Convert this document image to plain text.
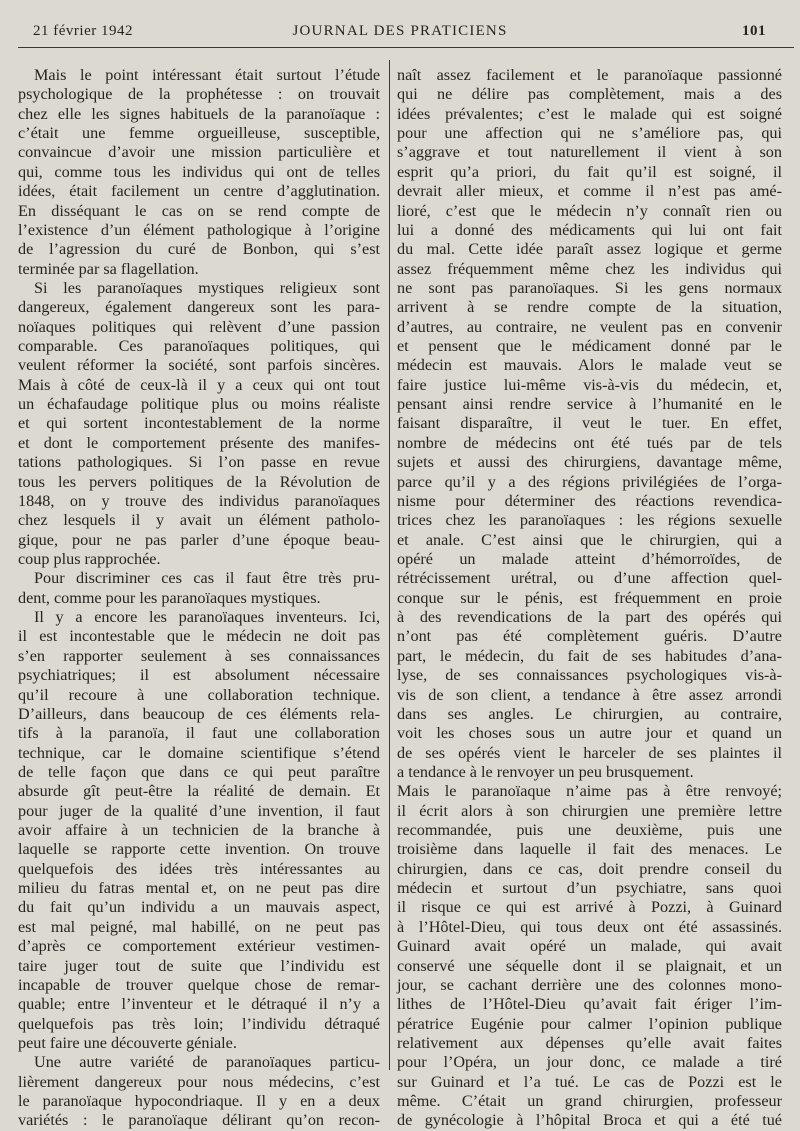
21 février 1942	JOURNAL DES PRATICIENS	101
Mais le point intéressant était surtout l’étude
psychologique de la prophétesse : on trouvait
chez elle les signes habituels de la paranoïaque :
c’était une femme orgueilleuse, susceptible,
convaincue d’avoir une mission particulière et
qui, comme tous les individus qui ont de telles
idées, était facilement un centre d’agglutination.
En disséquant le cas on se rend compte de
l’existence d’un élément pathologique à l’origine
de l’agression du curé de Bonbon, qui s’est
terminée par sa flagellation.
Si les paranoïaques mystiques religieux sont
dangereux, également dangereux sont les para-
noïaques politiques qui relèvent d’une passion
comparable. Ces paranoïaques politiques, qui
veulent réformer la société, sont parfois sincères.
Mais à côté de ceux-là il y a ceux qui ont tout
un échafaudage politique plus ou moins réaliste
et qui sortent incontestablement de la norme
et dont le comportement présente des manifes-
tations pathologiques. Si l’on passe en revue
tous les pervers politiques de la Révolution de
1848, on y trouve des individus paranoïaques
chez lesquels il y avait un élément patholo-
gique, pour ne pas parler d’une époque beau-
coup plus rapprochée.
Pour discriminer ces cas il faut être très pru-
dent, comme pour les paranoïaques mystiques.
Il y a encore les paranoïaques inventeurs. Ici,
il est incontestable que le médecin ne doit pas
s’en rapporter seulement à ses connaissances
psychiatriques; il est absolument nécessaire
qu’il recoure à une collaboration technique.
D’ailleurs, dans beaucoup de ces éléments rela-
tifs à la paranoïa, il faut une collaboration
technique, car le domaine scientifique s’étend
de telle façon que dans ce qui peut paraître
absurde gît peut-être la réalité de demain. Et
pour juger de la qualité d’une invention, il faut
avoir affaire à un technicien de la branche à
laquelle se rapporte cette invention. On trouve
quelquefois des idées très intéressantes au
milieu du fatras mental et, on ne peut pas dire
du fait qu’un individu a un mauvais aspect,
est mal peigné, mal habillé, on ne peut pas
d’après ce comportement extérieur vestimen-
taire juger tout de suite que l’individu est
incapable de trouver quelque chose de remar-
quable; entre l’inventeur et le détraqué il n’y a
quelquefois pas très loin; l’individu détraqué
peut faire une découverte géniale.
Une autre variété de paranoïaques particu-
lièrement dangereux pour nous médecins, c’est
le paranoïaque hypocondriaque. Il y en a deux
variétés : le paranoïaque délirant qu’on recon-
naît assez facilement et le paranoïaque passionné
qui ne délire pas complètement, mais a des
idées prévalentes; c’est le malade qui est soigné
pour une affection qui ne s’améliore pas, qui
s’aggrave et tout naturellement il vient à son
esprit qu’a priori, du fait qu’il est soigné, il
devrait aller mieux, et comme il n’est pas amé-
lioré, c’est que le médecin n’y connaît rien ou
lui a donné des médicaments qui lui ont fait
du mal. Cette idée paraît assez logique et germe
assez fréquemment même chez les individus qui
ne sont pas paranoïaques. Si les gens normaux
arrivent à se rendre compte de la situation,
d’autres, au contraire, ne veulent pas en convenir
et pensent que le médicament donné par le
médecin est mauvais. Alors le malade veut se
faire justice lui-même vis-à-vis du médecin, et,
pensant ainsi rendre service à l’humanité en le
faisant disparaître, il veut le tuer. En effet,
nombre de médecins ont été tués par de tels
sujets et aussi des chirurgiens, davantage même,
parce qu’il y a des régions privilégiées de l’orga-
nisme pour déterminer des réactions revendica-
trices chez les paranoïaques : les régions sexuelle
et anale. C’est ainsi que le chirurgien, qui a
opéré un malade atteint d’hémorroïdes, de
rétrécissement urétral, ou d’une affection quel-
conque sur le pénis, est fréquemment en proie
à des revendications de la part des opérés qui
n’ont pas été complètement guéris. D’autre
part, le médecin, du fait de ses habitudes d’ana-
lyse, de ses connaissances psychologiques vis-à-
vis de son client, a tendance à être assez arrondi
dans ses angles. Le chirurgien, au contraire,
voit les choses sous un autre jour et quand un
de ses opérés vient le harceler de ses plaintes il
a tendance à le renvoyer un peu brusquement.
Mais le paranoïaque n’aime pas à être renvoyé;
il écrit alors à son chirurgien une première lettre
recommandée, puis une deuxième, puis une
troisième dans laquelle il fait des menaces. Le
chirurgien, dans ce cas, doit prendre conseil du
médecin et surtout d’un psychiatre, sans quoi
il risque ce qui est arrivé à Pozzi, à Guinard
à l’Hôtel-Dieu, qui tous deux ont été assassinés.
Guinard avait opéré un malade, qui avait
conservé une séquelle dont il se plaignait, et un
jour, se cachant derrière une des colonnes mono-
lithes de l’Hôtel-Dieu qu’avait fait ériger l’im-
pératrice Eugénie pour calmer l’opinion publique
relativement aux dépenses qu’elle avait faites
pour l’Opéra, un jour donc, ce malade a tiré
sur Guinard et l’a tué. Le cas de Pozzi est le
même. C’était un grand chirurgien, professeur
de gynécologie à l’hôpital Broca et qui a été tué
